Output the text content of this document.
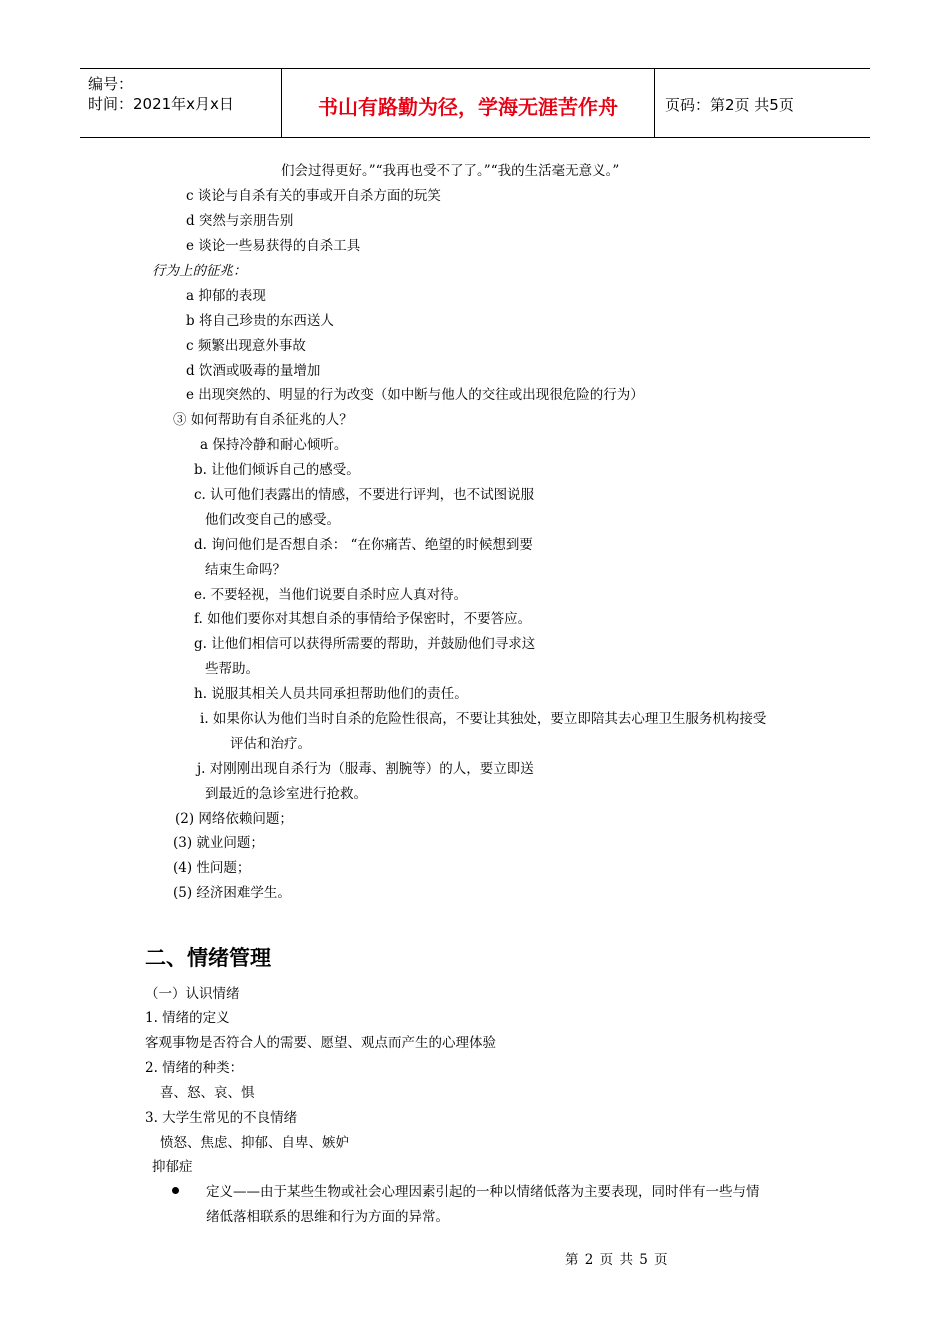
编号：
时间：2021年x月x日	书山有路勤为径，学海无涯苦作舟	页码：第2页 共5页
们会过得更好。”“我再也受不了了。”“我的生活毫无意义。”
c 谈论与自杀有关的事或开自杀方面的玩笑
d 突然与亲朋告别
e 谈论一些易获得的自杀工具
行为上的征兆：
a 抑郁的表现
b 将自己珍贵的东西送人
c 频繁出现意外事故
d 饮酒或吸毒的量增加
e 出现突然的、明显的行为改变（如中断与他人的交往或出现很危险的行为）
③ 如何帮助有自杀征兆的人？
a 保持冷静和耐心倾听。
b. 让他们倾诉自己的感受。
c. 认可他们表露出的情感，不要进行评判，也不试图说服
他们改变自己的感受。
d. 询问他们是否想自杀： “在你痛苦、绝望的时候想到要
结束生命吗？
e. 不要轻视，当他们说要自杀时应人真对待。
f. 如他们要你对其想自杀的事情给予保密时，不要答应。
g. 让他们相信可以获得所需要的帮助，并鼓励他们寻求这
些帮助。
h. 说服其相关人员共同承担帮助他们的责任。
i. 如果你认为他们当时自杀的危险性很高，不要让其独处，要立即陪其去心理卫生服务机构接受
评估和治疗。
j. 对刚刚出现自杀行为（服毒、割腕等）的人，要立即送
到最近的急诊室进行抢救。
(2) 网络依赖问题；
(3) 就业问题；
(4) 性问题；
(5) 经济困难学生。
二、情绪管理
（一）认识情绪
1. 情绪的定义
客观事物是否符合人的需要、愿望、观点而产生的心理体验
2. 情绪的种类：
喜、怒、哀、惧
3. 大学生常见的不良情绪
愤怒、焦虑、抑郁、自卑、嫉妒
抑郁症
定义——由于某些生物或社会心理因素引起的一种以情绪低落为主要表现，同时伴有一些与情
绪低落相联系的思维和行为方面的异常。
第 2 页 共 5 页
